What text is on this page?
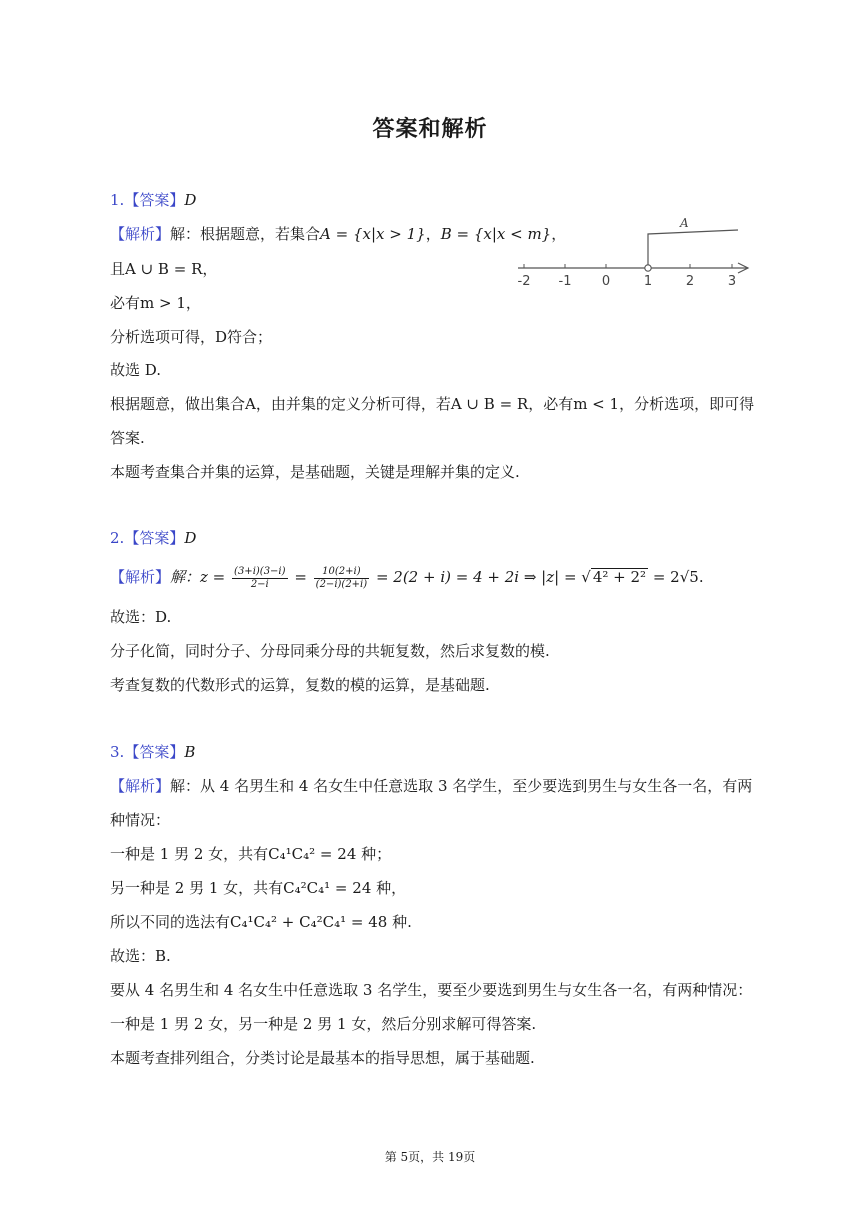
答案和解析
1.【答案】D
【解析】解：根据题意，若集合A = {x|x > 1}，B = {x|x < m}，
且A ∪ B = R，
必有m > 1，
分析选项可得，D符合；
故选 D.
根据题意，做出集合A，由并集的定义分析可得，若A ∪ B = R，必有m < 1，分析选项，即可得
答案.
本题考查集合并集的运算，是基础题，关键是理解并集的定义.
-2 -1 0	1	2	3
A
2.【答案】D
【解析】解：$z = \frac{(3+i)(3-i)}{2-i} = \frac{10(2+i)}{(2-i)(2+i)} = 2(2 + i) = 4 + 2i$ ⇒ |z| = √ 4² + 2² = 2√5.
故选：D.
分子化简，同时分子、分母同乘分母的共轭复数，然后求复数的模.
考查复数的代数形式的运算，复数的模的运算，是基础题.
3.【答案】B
【解析】解：从 4 名男生和 4 名女生中任意选取 3 名学生，至少要选到男生与女生各一名，有两
种情况：
一种是 1 男 2 女，共有C₄¹C₄² = 24 种；
另一种是 2 男 1 女，共有C₄²C₄¹ = 24 种，
所以不同的选法有C₄¹C₄² + C₄²C₄¹ = 48 种.
故选：B.
要从 4 名男生和 4 名女生中任意选取 3 名学生，要至少要选到男生与女生各一名，有两种情况：
一种是 1 男 2 女，另一种是 2 男 1 女，然后分别求解可得答案.
本题考查排列组合，分类讨论是最基本的指导思想，属于基础题.
第 5页，共 19页
